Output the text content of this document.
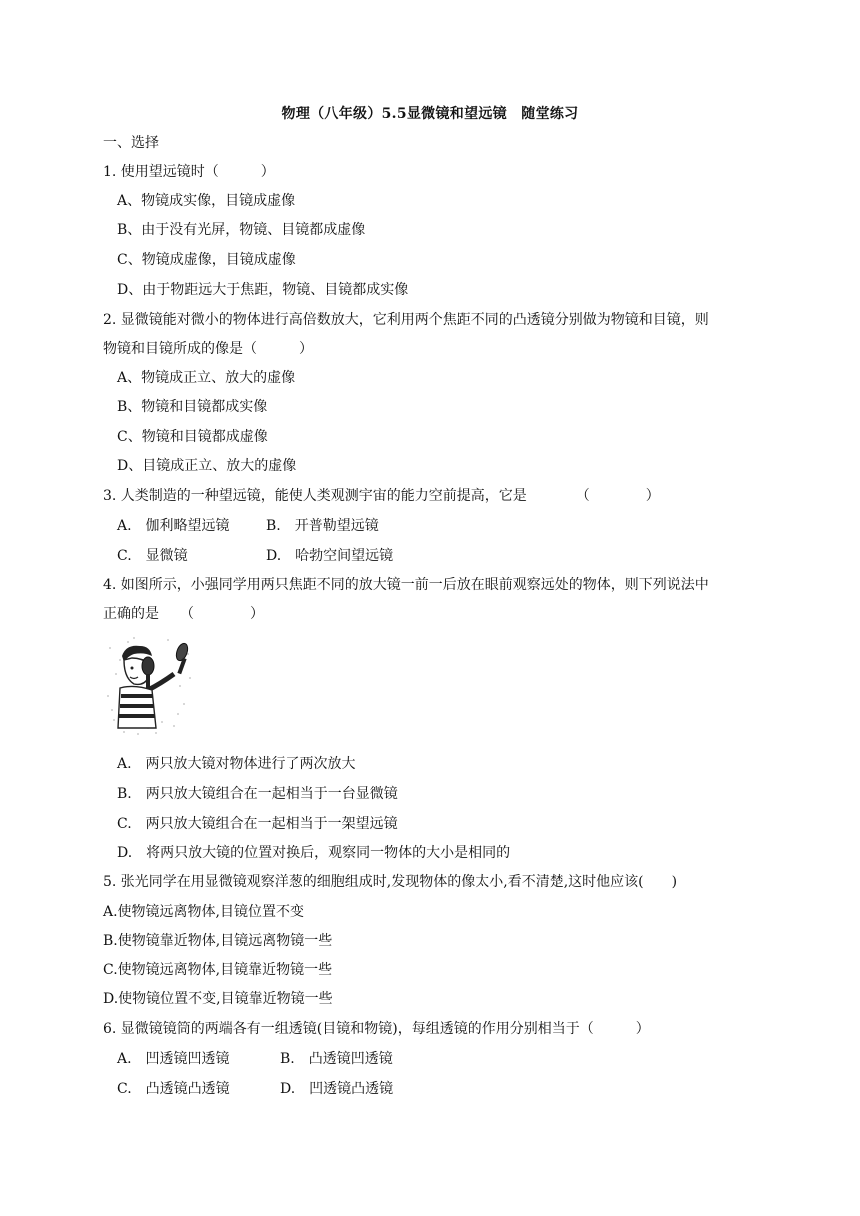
物理（八年级）5.5显微镜和望远镜　随堂练习
一、选择
1. 使用望远镜时（　　　）
A、物镜成实像，目镜成虚像
B、由于没有光屏，物镜、目镜都成虚像
C、物镜成虚像，目镜成虚像
D、由于物距远大于焦距，物镜、目镜都成实像
2. 显微镜能对微小的物体进行高倍数放大，它利用两个焦距不同的凸透镜分别做为物镜和目镜，则
物镜和目镜所成的像是（　　　）
A、物镜成正立、放大的虚像
B、物镜和目镜都成实像
C、物镜和目镜都成虚像
D、目镜成正立、放大的虚像
3. 人类制造的一种望远镜，能使人类观测宇宙的能力空前提高，它是　　　　（　　　　）
A.　伽利略望远镜	B.　开普勒望远镜
C.　显微镜	D.　哈勃空间望远镜
4. 如图所示，小强同学用两只焦距不同的放大镜一前一后放在眼前观察远处的物体，则下列说法中
正确的是　　（　　　　）
A.　两只放大镜对物体进行了两次放大
B.　两只放大镜组合在一起相当于一台显微镜
C.　两只放大镜组合在一起相当于一架望远镜
D.　将两只放大镜的位置对换后，观察同一物体的大小是相同的
5. 张光同学在用显微镜观察洋葱的细胞组成时,发现物体的像太小,看不清楚,这时他应该(　　)
A.使物镜远离物体,目镜位置不变
B.使物镜靠近物体,目镜远离物镜一些
C.使物镜远离物体,目镜靠近物镜一些
D.使物镜位置不变,目镜靠近物镜一些
6. 显微镜镜筒的两端各有一组透镜(目镜和物镜)，每组透镜的作用分别相当于（　　　）
A.　凹透镜凹透镜	B.　凸透镜凹透镜
C.　凸透镜凸透镜	D.　凹透镜凸透镜
